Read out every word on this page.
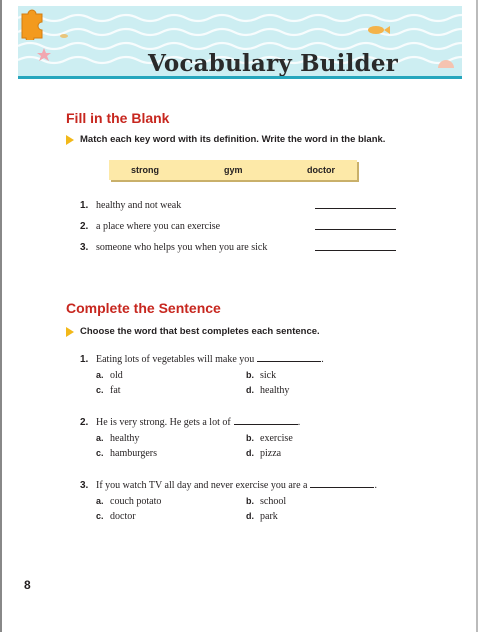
Vocabulary Builder
Fill in the Blank
Match each key word with its definition. Write the word in the blank.
strong	gym	doctor
1. healthy and not weak
2. a place where you can exercise
3. someone who helps you when you are sick
Complete the Sentence
Choose the word that best completes each sentence.
1. Eating lots of vegetables will make you	.
a. old	b. sick
c. fat	d. healthy
2. He is very strong. He gets a lot of	.
a. healthy	b. exercise
c. hamburgers	d. pizza
3. If you watch TV all day and never exercise you are a	.
a. couch potato	b. school
c. doctor	d. park
8
